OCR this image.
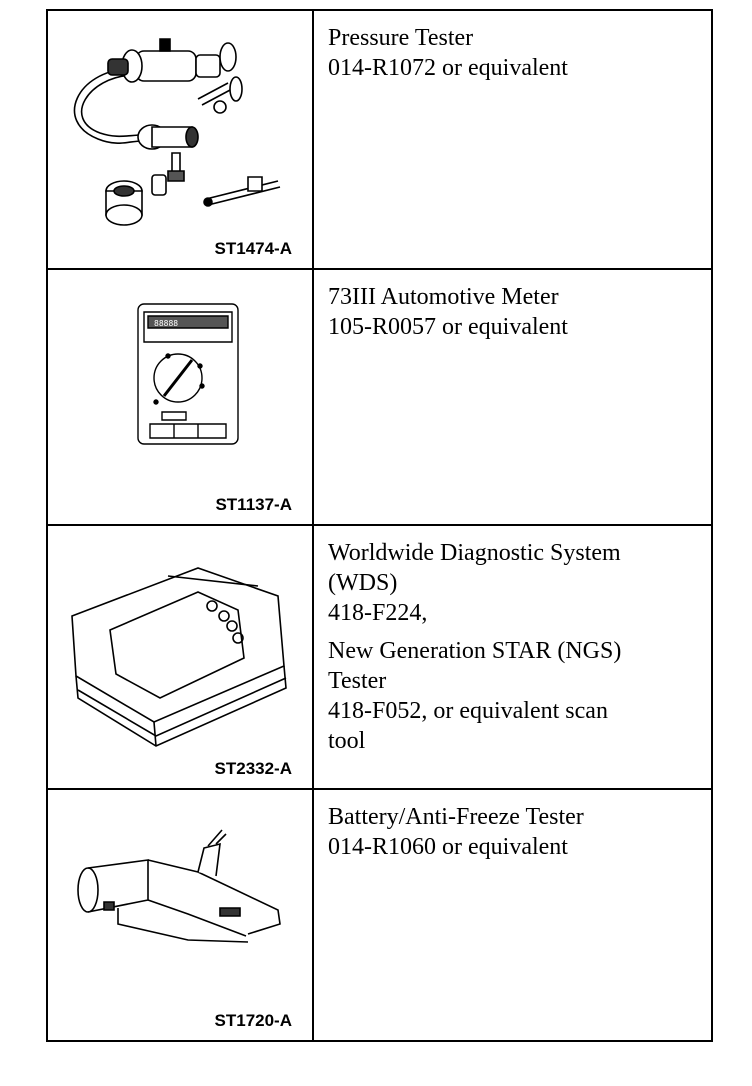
ST1474-A
Pressure Tester
014-R1072 or equivalent
88888
ST1137-A
73III Automotive Meter
105-R0057 or equivalent
ST2332-A
Worldwide Diagnostic System
(WDS)
418-F224,
New Generation STAR (NGS)
Tester
418-F052, or equivalent scan
tool
ST1720-A
Battery/Anti-Freeze Tester
014-R1060 or equivalent
